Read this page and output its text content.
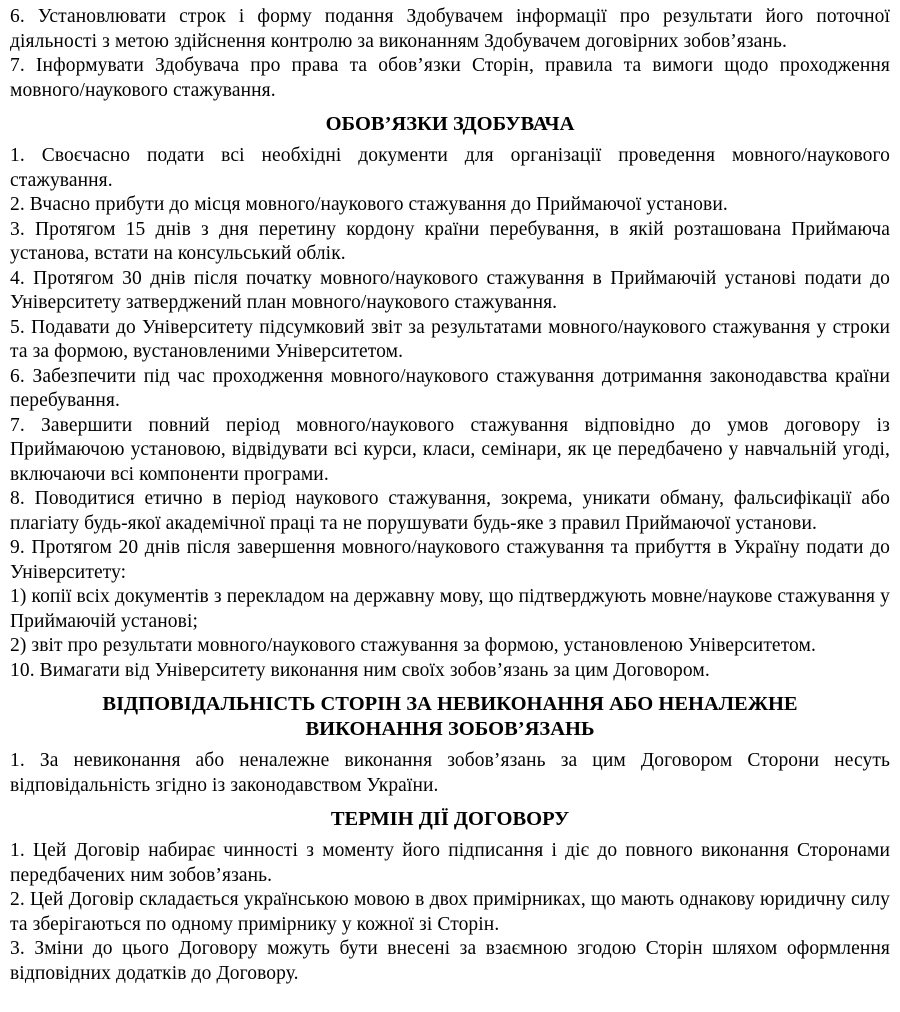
6. Установлювати строк і форму подання Здобувачем інформації про результати його поточної діяльності з метою здійснення контролю за виконанням Здобувачем договірних зобов’язань.

7. Інформувати Здобувача про права та обов’язки Сторін, правила та вимоги щодо проходження мовного/наукового стажування.

ОБОВ’ЯЗКИ ЗДОБУВАЧА

1. Своєчасно подати всі необхідні документи для організації проведення мовного/наукового стажування.

2. Вчасно прибути до місця мовного/наукового стажування до Приймаючої установи.

3. Протягом 15 днів з дня перетину кордону країни перебування, в якій розташована Приймаюча установа, встати на консульський облік.

4. Протягом 30 днів після початку мовного/наукового стажування в Приймаючій установі подати до Університету затверджений план мовного/наукового стажування.

5. Подавати до Університету підсумковий звіт за результатами мовного/наукового стажування у строки та за формою, вустановленими Університетом.

6. Забезпечити під час проходження мовного/наукового стажування дотримання законодавства країни перебування.

7. Завершити повний період мовного/наукового стажування відповідно до умов договору із Приймаючою установою, відвідувати всі курси, класи, семінари, як це передбачено у навчальній угоді, включаючи всі компоненти програми.

8. Поводитися етично в період наукового стажування, зокрема, уникати обману, фальсифікації або плагіату будь-якої академічної праці та не порушувати будь-яке з правил Приймаючої установи.

9. Протягом 20 днів після завершення мовного/наукового стажування та прибуття в Україну подати до Університету:

1) копії всіх документів з перекладом на державну мову, що підтверджують мовне/наукове стажування у Приймаючій установі;

2) звіт про результати мовного/наукового стажування за формою, установленою Університетом.

10. Вимагати від Університету виконання ним своїх зобов’язань за цим Договором.

ВІДПОВІДАЛЬНІСТЬ СТОРІН ЗА НЕВИКОНАННЯ АБО НЕНАЛЕЖНЕ ВИКОНАННЯ ЗОБОВ’ЯЗАНЬ

1. За невиконання або неналежне виконання зобов’язань за цим Договором Сторони несуть відповідальність згідно із законодавством України.

ТЕРМІН ДІЇ ДОГОВОРУ

1. Цей Договір набирає чинності з моменту його підписання і діє до повного виконання Сторонами передбачених ним зобов’язань.

2. Цей Договір складається українською мовою в двох примірниках, що мають однакову юридичну силу та зберігаються по одному примірнику у кожної зі Сторін.

3. Зміни до цього Договору можуть бути внесені за взаємною згодою Сторін шляхом оформлення відповідних додатків до Договору.
